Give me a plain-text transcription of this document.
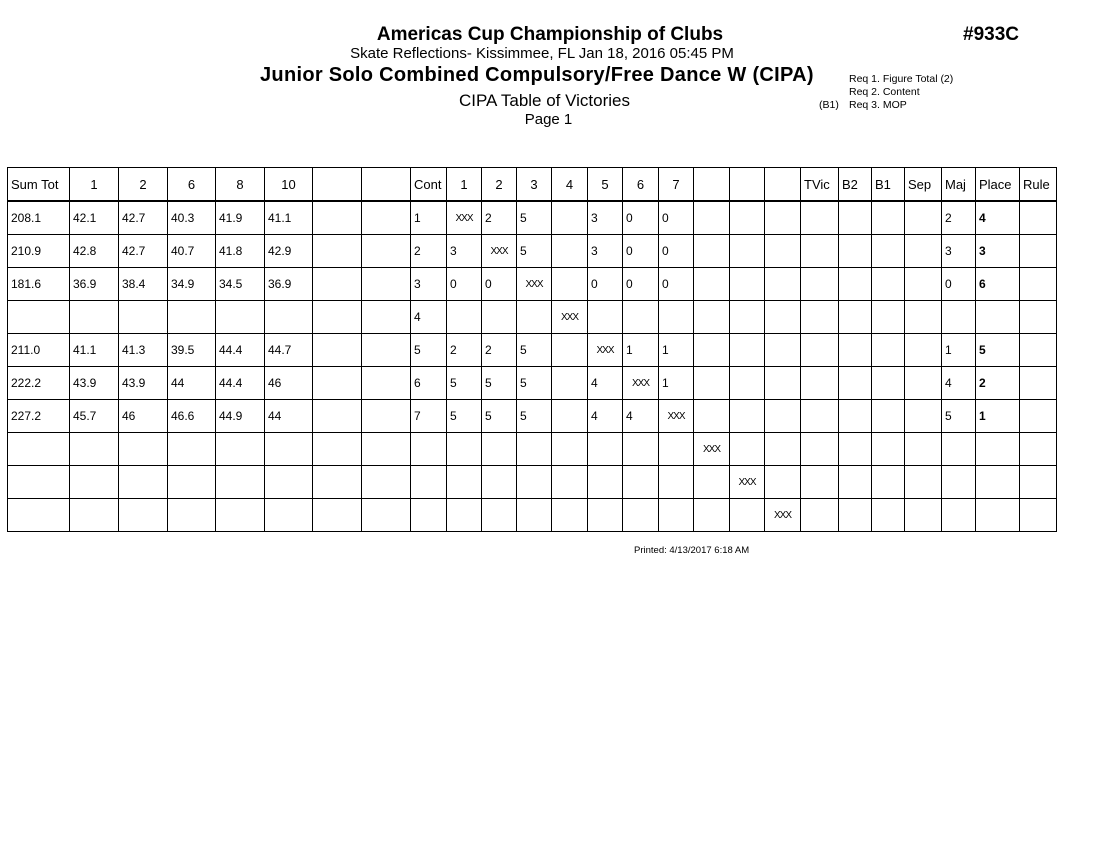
Americas Cup Championship of Clubs	#933C
Skate Reflections- Kissimmee, FL Jan 18, 2016 05:45 PM
Junior Solo Combined Compulsory/Free Dance W (CIPA)
CIPA Table of Victories
Page 1
Req 1. Figure Total (2)
Req 2. Content
(B1) Req 3. MOP
Sum Tot	1	2	6	8	10			Cont	1	2	3	4	5	6	7				TVic	B2	B1	Sep	Maj	Place	Rule
208.1	42.1	42.7	40.3	41.9	41.1			1	XXX	2	5		3	0	0								2	4	
210.9	42.8	42.7	40.7	41.8	42.9			2	3	XXX	5		3	0	0								3	3	
181.6	36.9	38.4	34.9	34.5	36.9			3	0	0	XXX		0	0	0								0	6	
								4				XXX													
211.0	41.1	41.3	39.5	44.4	44.7			5	2	2	5		XXX	1	1								1	5	
222.2	43.9	43.9	44	44.4	46			6	5	5	5		4	XXX	1								4	2	
227.2	45.7	46	46.6	44.9	44			7	5	5	5		4	4	XXX								5	1	
																XXX									
																	XXX								
																		XXX							
Printed: 4/13/2017 6:18 AM
